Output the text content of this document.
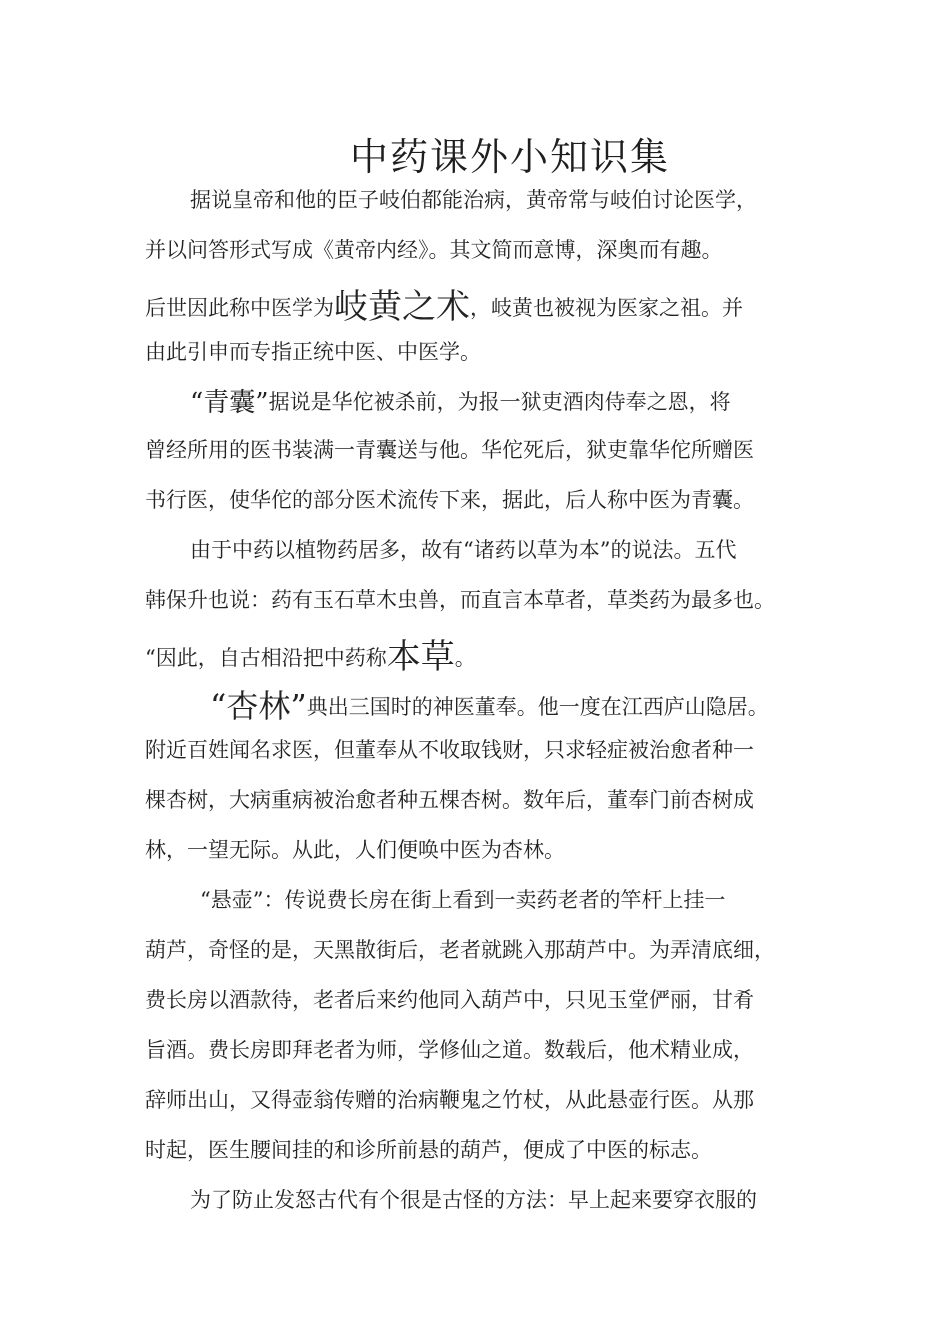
中药课外小知识集
据说皇帝和他的臣子岐伯都能治病，黄帝常与岐伯讨论医学，
并以问答形式写成《黄帝内经》。其文简而意博，深奥而有趣。
后世因此称中医学为岐黄之术，岐黄也被视为医家之祖。并
由此引申而专指正统中医、中医学。
“青囊”据说是华佗被杀前，为报一狱吏酒肉侍奉之恩，将
曾经所用的医书装满一青囊送与他。华佗死后，狱吏靠华佗所赠医
书行医，使华佗的部分医术流传下来，据此，后人称中医为青囊。
由于中药以植物药居多，故有“诸药以草为本”的说法。五代
韩保升也说：药有玉石草木虫兽，而直言本草者，草类药为最多也。
“因此，自古相沿把中药称本草。
“杏林”典出三国时的神医董奉。他一度在江西庐山隐居。
附近百姓闻名求医，但董奉从不收取钱财，只求轻症被治愈者种一
棵杏树，大病重病被治愈者种五棵杏树。数年后，董奉门前杏树成
林，一望无际。从此，人们便唤中医为杏林。
“悬壶”：传说费长房在街上看到一卖药老者的竿杆上挂一
葫芦，奇怪的是，天黑散街后，老者就跳入那葫芦中。为弄清底细，
费长房以酒款待，老者后来约他同入葫芦中，只见玉堂俨丽，甘肴
旨酒。费长房即拜老者为师，学修仙之道。数载后，他术精业成，
辞师出山，又得壶翁传赠的治病鞭鬼之竹杖，从此悬壶行医。从那
时起，医生腰间挂的和诊所前悬的葫芦，便成了中医的标志。
为了防止发怒古代有个很是古怪的方法：早上起来要穿衣服的
